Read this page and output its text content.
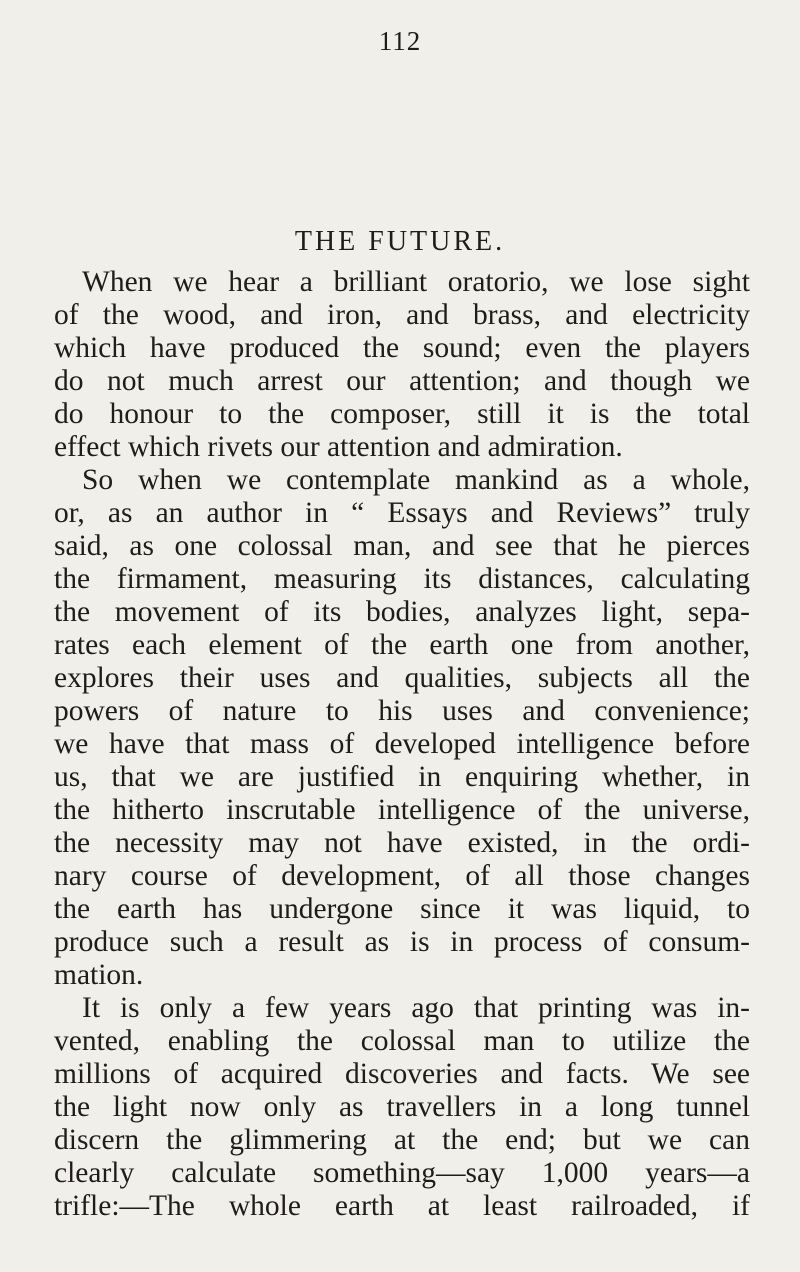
112
THE FUTURE.
When we hear a brilliant oratorio, we lose sight
of the wood, and iron, and brass, and electricity
which have produced the sound; even the players
do not much arrest our attention; and though we
do honour to the composer, still it is the total
effect which rivets our attention and admiration.
So when we contemplate mankind as a whole,
or, as an author in “ Essays and Reviews” truly
said, as one colossal man, and see that he pierces
the firmament, measuring its distances, calculating
the movement of its bodies, analyzes light, sepa-
rates each element of the earth one from another,
explores their uses and qualities, subjects all the
powers of nature to his uses and convenience;
we have that mass of developed intelligence before
us, that we are justified in enquiring whether, in
the hitherto inscrutable intelligence of the universe,
the necessity may not have existed, in the ordi-
nary course of development, of all those changes
the earth has undergone since it was liquid, to
produce such a result as is in process of consum-
mation.
It is only a few years ago that printing was in-
vented, enabling the colossal man to utilize the
millions of acquired discoveries and facts. We see
the light now only as travellers in a long tunnel
discern the glimmering at the end; but we can
clearly calculate something—say 1,000 years—a
trifle:—The whole earth at least railroaded, if
